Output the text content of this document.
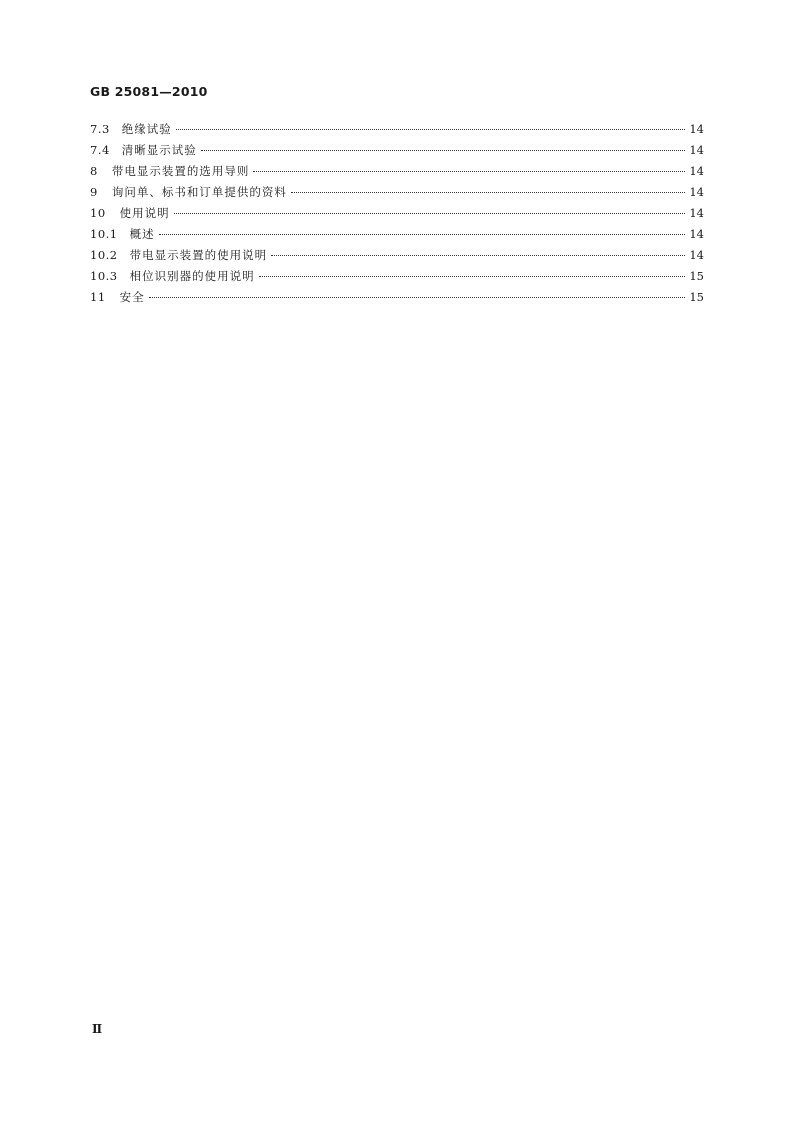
GB 25081—2010
7.3	绝缘试验	14
7.4	清晰显示试验	14
8	带电显示装置的选用导则	14
9	询问单、标书和订单提供的资料	14
10	使用说明	14
10.1	概述	14
10.2	带电显示装置的使用说明	14
10.3	相位识别器的使用说明	15
11	安全	15
Ⅱ
